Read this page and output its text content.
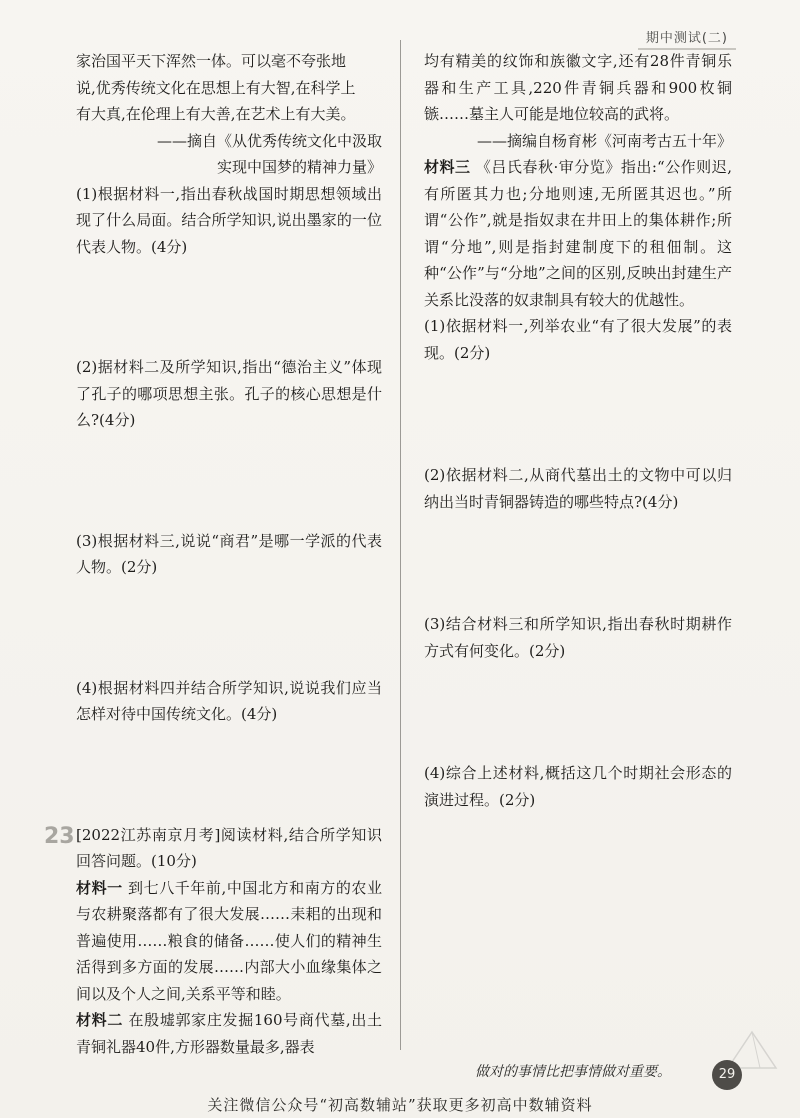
期中测试(二)

家治国平天下浑然一体。可以毫不夸张地

说,优秀传统文化在思想上有大智,在科学上

有大真,在伦理上有大善,在艺术上有大美。

——摘自《从优秀传统文化中汲取

实现中国梦的精神力量》

(1)根据材料一,指出春秋战国时期思想领域出现了什么局面。结合所学知识,说出墨家的一位代表人物。(4分)

(2)据材料二及所学知识,指出“德治主义”体现了孔子的哪项思想主张。孔子的核心思想是什么?(4分)

(3)根据材料三,说说“商君”是哪一学派的代表人物。(2分)

(4)根据材料四并结合所学知识,说说我们应当怎样对待中国传统文化。(4分)

[2022江苏南京月考]阅读材料,结合所学知识回答问题。(10分)

材料一 到七八千年前,中国北方和南方的农业与农耕聚落都有了很大发展……耒耜的出现和普遍使用……粮食的储备……使人们的精神生活得到多方面的发展……内部大小血缘集体之间以及个人之间,关系平等和睦。

材料二 在殷墟郭家庄发掘160号商代墓,出土青铜礼器40件,方形器数量最多,器表

23

均有精美的纹饰和族徽文字,还有28件青铜乐器和生产工具,220件青铜兵器和900枚铜镞……墓主人可能是地位较高的武将。

——摘编自杨育彬《河南考古五十年》

材料三 《吕氏春秋·审分览》指出:“公作则迟,有所匿其力也;分地则速,无所匿其迟也。”所谓“公作”,就是指奴隶在井田上的集体耕作;所谓“分地”,则是指封建制度下的租佃制。这种“公作”与“分地”之间的区别,反映出封建生产关系比没落的奴隶制具有较大的优越性。

(1)依据材料一,列举农业“有了很大发展”的表现。(2分)

(2)依据材料二,从商代墓出土的文物中可以归纳出当时青铜器铸造的哪些特点?(4分)

(3)结合材料三和所学知识,指出春秋时期耕作方式有何变化。(2分)

(4)综合上述材料,概括这几个时期社会形态的演进过程。(2分)

做对的事情比把事情做对重要。	29
关注微信公众号“初高数辅站”获取更多初高中数辅资料
